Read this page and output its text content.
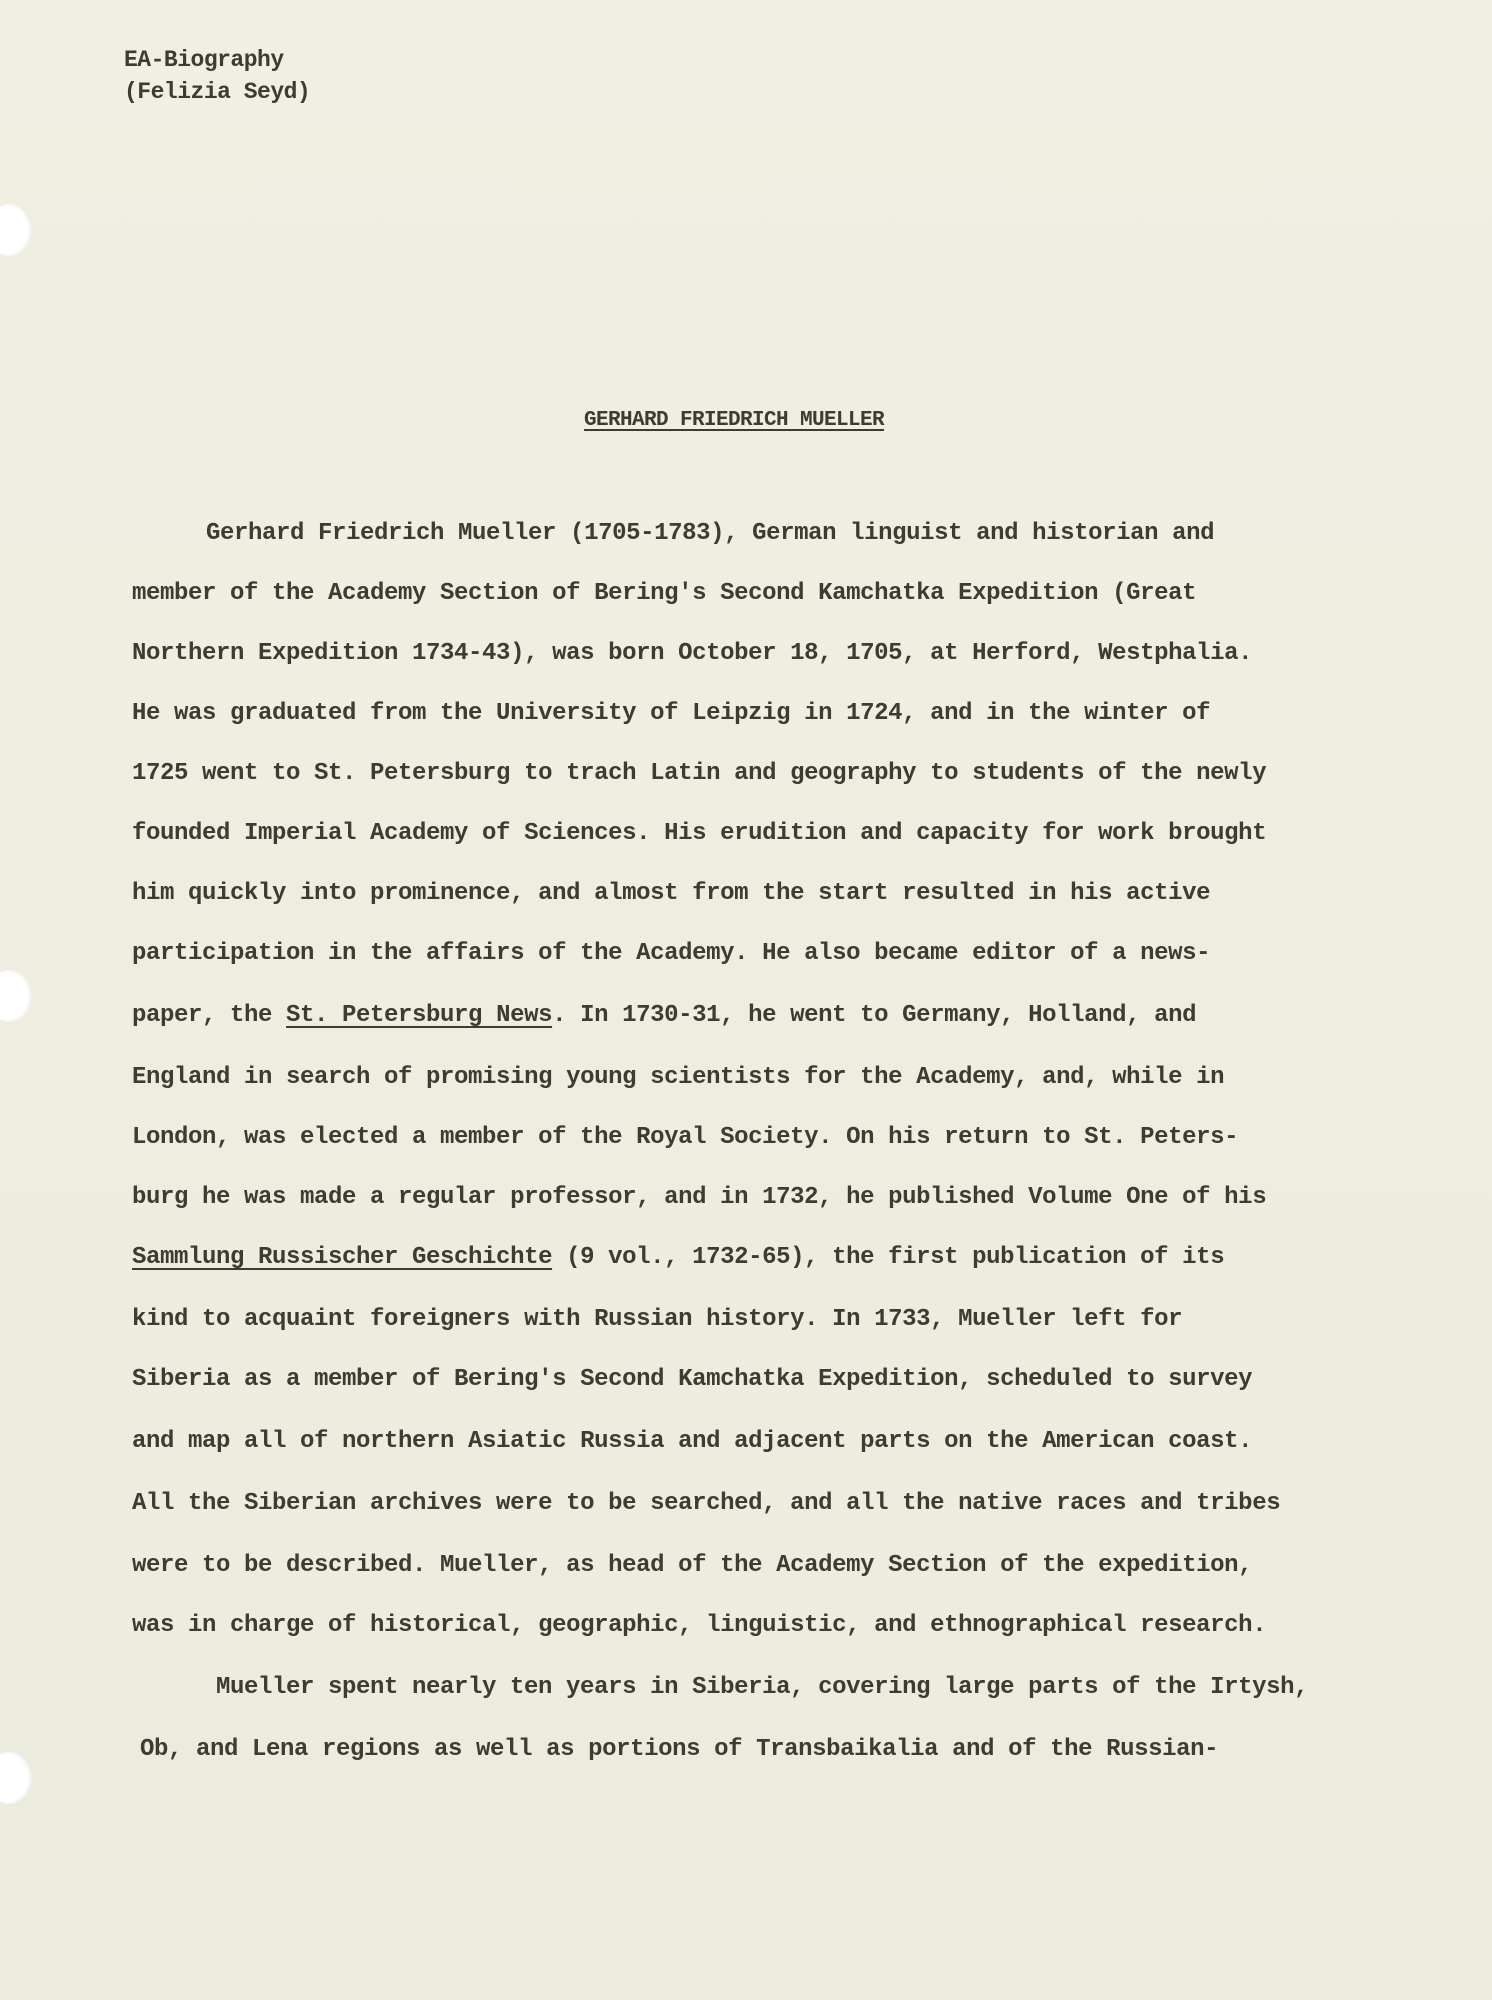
EA-Biography
(Felizia Seyd)
GERHARD FRIEDRICH MUELLER
Gerhard Friedrich Mueller (1705-1783), German linguist and historian and
member of the Academy Section of Bering's Second Kamchatka Expedition (Great
Northern Expedition 1734-43), was born October 18, 1705, at Herford, Westphalia.
He was graduated from the University of Leipzig in 1724, and in the winter of
1725 went to St. Petersburg to trach Latin and geography to students of the newly
founded Imperial Academy of Sciences. His erudition and capacity for work brought
him quickly into prominence, and almost from the start resulted in his active
participation in the affairs of the Academy. He also became editor of a news-
paper, the St. Petersburg News. In 1730-31, he went to Germany, Holland, and
England in search of promising young scientists for the Academy, and, while in
London, was elected a member of the Royal Society. On his return to St. Peters-
burg he was made a regular professor, and in 1732, he published Volume One of his
Sammlung Russischer Geschichte (9 vol., 1732-65), the first publication of its
kind to acquaint foreigners with Russian history. In 1733, Mueller left for
Siberia as a member of Bering's Second Kamchatka Expedition, scheduled to survey
and map all of northern Asiatic Russia and adjacent parts on the American coast.
All the Siberian archives were to be searched, and all the native races and tribes
were to be described. Mueller, as head of the Academy Section of the expedition,
was in charge of historical, geographic, linguistic, and ethnographical research.
Mueller spent nearly ten years in Siberia, covering large parts of the Irtysh,
Ob, and Lena regions as well as portions of Transbaikalia and of the Russian-
